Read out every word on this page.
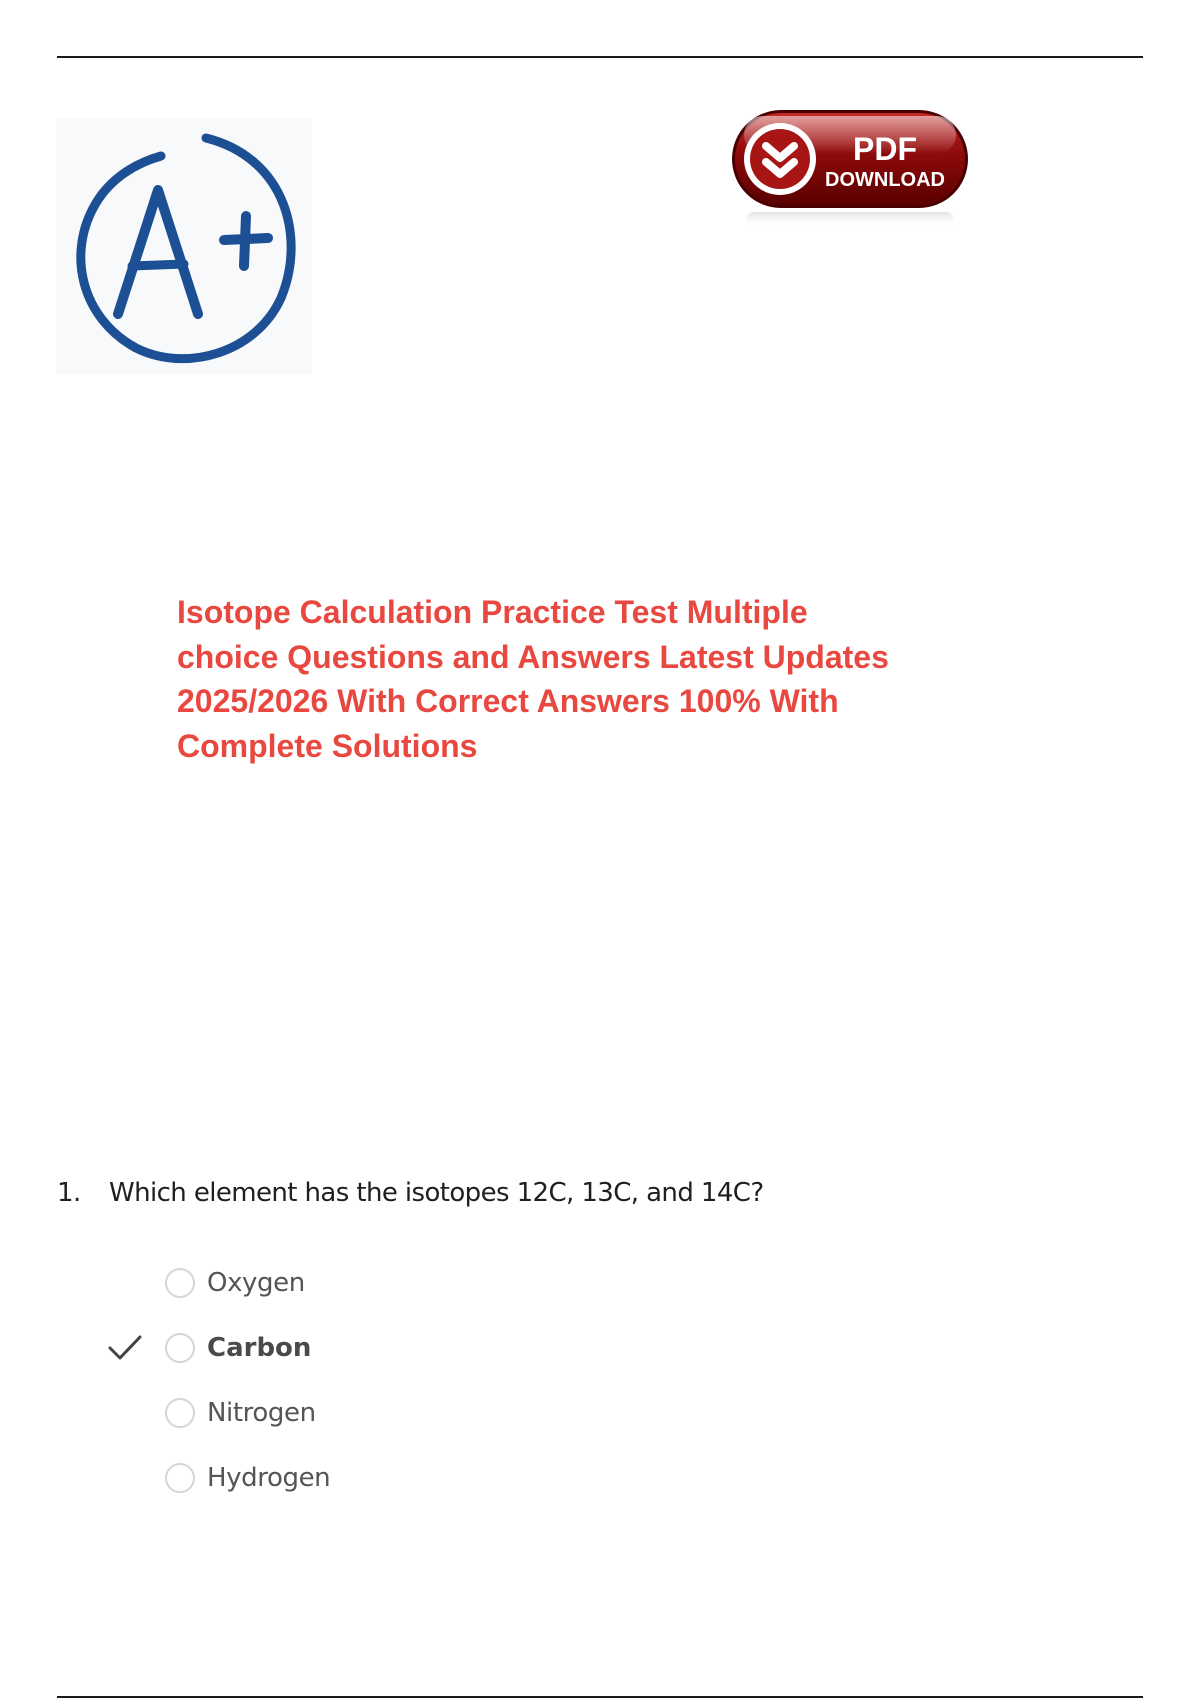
PDF
DOWNLOAD
Isotope Calculation Practice Test Multiple choice Questions and Answers Latest Updates 2025/2026 With Correct Answers 100% With Complete Solutions
1.	Which element has the isotopes 12C, 13C, and 14C?
Oxygen
Carbon
Nitrogen
Hydrogen
